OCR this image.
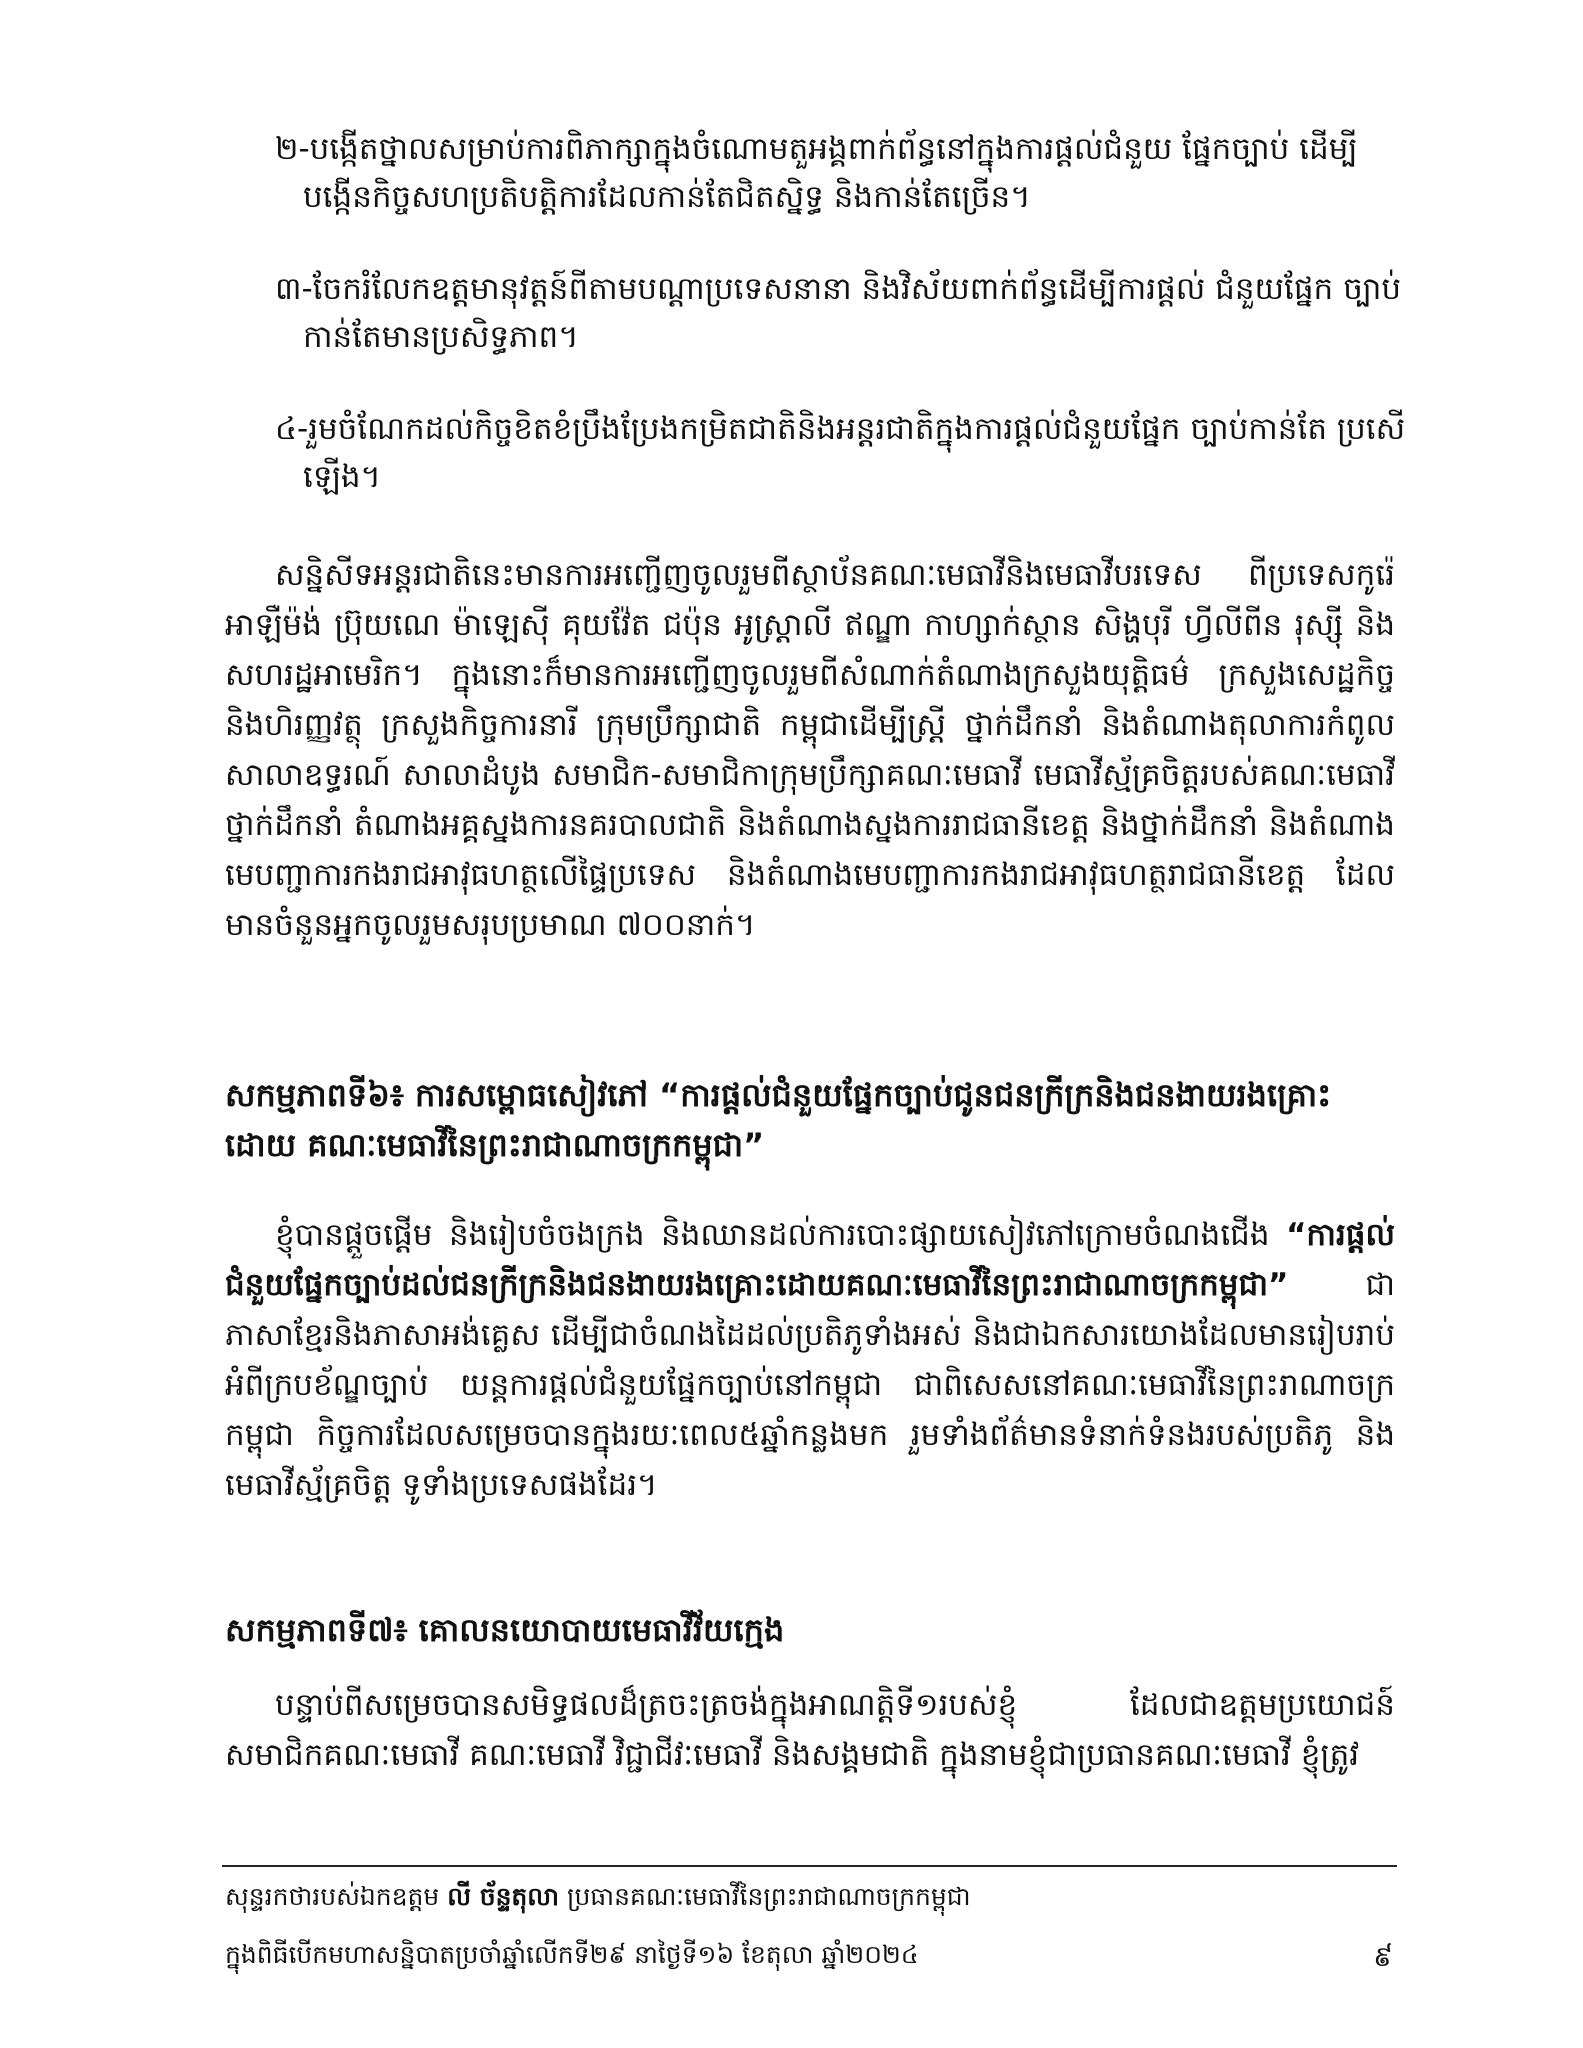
២-បង្កើតថ្នាលសម្រាប់ការពិភាក្សាក្នុងចំណោមតួអង្គពាក់ព័ន្ធនៅក្នុងការផ្តល់ជំនួយ ផ្នែកច្បាប់ ដើម្បីបង្កើនកិច្ចសហប្រតិបត្តិការដែលកាន់តែជិតស្និទ្ធ និងកាន់តែច្រើន។

៣-ចែករំលែកឧត្តមានុវត្តន៍ពីតាមបណ្តាប្រទេសនានា និងវិស័យពាក់ព័ន្ធដើម្បីការផ្តល់ ជំនួយផ្នែក ច្បាប់កាន់តែមានប្រសិទ្ធភាព។

៤-រួមចំណែកដល់កិច្ចខិតខំប្រឹងប្រែងកម្រិតជាតិនិងអន្តរជាតិក្នុងការផ្តល់ជំនួយផ្នែក ច្បាប់កាន់តែ ប្រសើឡើង។

សន្និសីទអន្តរជាតិនេះមានការអញ្ជើញចូលរួមពីស្ថាប័នគណៈមេធាវីនិងមេធាវីបរទេស ពីប្រទេសកូរ៉េ អាឡឺម៉ង់ ប៊្រុយណេ ម៉ាឡេស៊ី គុយវ៉ែត ជប៉ុន អូស្ត្រាលី ឥណ្ឌា កាហ្សាក់ស្ថាន សិង្ហបុរី ហ្វីលីពីន រុស្ស៊ី និង សហរដ្ឋអាមេរិក។ ក្នុងនោះក៏មានការអញ្ជើញចូលរួមពីសំណាក់តំណាងក្រសួងយុត្តិធម៌ ក្រសួងសេដ្ឋកិច្ច និងហិរញ្ញវត្ថុ ក្រសួងកិច្ចការនារី ក្រុមប្រឹក្សាជាតិ កម្ពុជាដើម្បីស្ត្រី ថ្នាក់ដឹកនាំ និងតំណាងតុលាការកំពូល សាលាឧទ្ធរណ៍ សាលាដំបូង សមាជិក-សមាជិកាក្រុមប្រឹក្សាគណៈមេធាវី មេធាវីស្ម័គ្រចិត្តរបស់គណៈមេធាវី ថ្នាក់ដឹកនាំ តំណាងអគ្គស្នងការនគរបាលជាតិ និងតំណាងស្នងការរាជធានីខេត្ត និងថ្នាក់ដឹកនាំ និងតំណាង មេបញ្ជាការកងរាជអាវុធហត្ថលើផ្ទៃប្រទេស និងតំណាងមេបញ្ជាការកងរាជអាវុធហត្ថរាជធានីខេត្ត ដែល មានចំនួនអ្នកចូលរួមសរុបប្រមាណ ៧០០នាក់។

សកម្មភាពទី៦៖ ការសម្ពោធសៀវភៅ “ការផ្តល់ជំនួយផ្នែកច្បាប់ជូនជនក្រីក្រនិងជនងាយរងគ្រោះដោយ គណៈមេធាវីនៃព្រះរាជាណាចក្រកម្ពុជា”

ខ្ញុំបានផ្តួចផ្តើម និងរៀបចំចងក្រង និងឈានដល់ការបោះផ្សាយសៀវភៅក្រោមចំណងជើង “ការផ្តល់ជំនួយផ្នែកច្បាប់ដល់ជនក្រីក្រនិងជនងាយរងគ្រោះដោយគណៈមេធាវីនៃព្រះរាជាណាចក្រកម្ពុជា” ជាភាសាខ្មែរនិងភាសាអង់គ្លេស ដើម្បីជាចំណងដៃដល់ប្រតិភូទាំងអស់ និងជាឯកសារយោងដែលមានរៀបរាប់ អំពីក្របខ័ណ្ឌច្បាប់ យន្តការផ្តល់ជំនួយផ្នែកច្បាប់នៅកម្ពុជា ជាពិសេសនៅគណៈមេធាវីនៃព្រះរាណាចក្រកម្ពុជា កិច្ចការដែលសម្រេចបានក្នុងរយៈពេល៥ឆ្នាំកន្លងមក រួមទាំងព័ត៌មានទំនាក់ទំនងរបស់ប្រតិភូ និងមេធាវីស្ម័គ្រចិត្ត ទូទាំងប្រទេសផងដែរ។

សកម្មភាពទី៧៖ គោលនយោបាយមេធាវីវ័យក្មេង

បន្ទាប់ពីសម្រេចបានសមិទ្ធផលដ៏ត្រចះត្រចង់ក្នុងអាណត្តិទី១របស់ខ្ញុំ ដែលជាឧត្តមប្រយោជន៍ សមាជិកគណៈមេធាវី គណៈមេធាវី វិជ្ជាជីវៈមេធាវី និងសង្គមជាតិ ក្នុងនាមខ្ញុំជាប្រធានគណៈមេធាវី ខ្ញុំត្រូវ

សុន្ទរកថារបស់ឯកឧត្តម លី ច័ន្ទតុលា ប្រធានគណៈមេធាវីនៃព្រះរាជាណាចក្រកម្ពុជា
ក្នុងពិធីបើកមហាសន្និបាតប្រចាំឆ្នាំលើកទី២៩ នាថ្ងៃទី១៦ ខែតុលា ឆ្នាំ២០២៤	៩
